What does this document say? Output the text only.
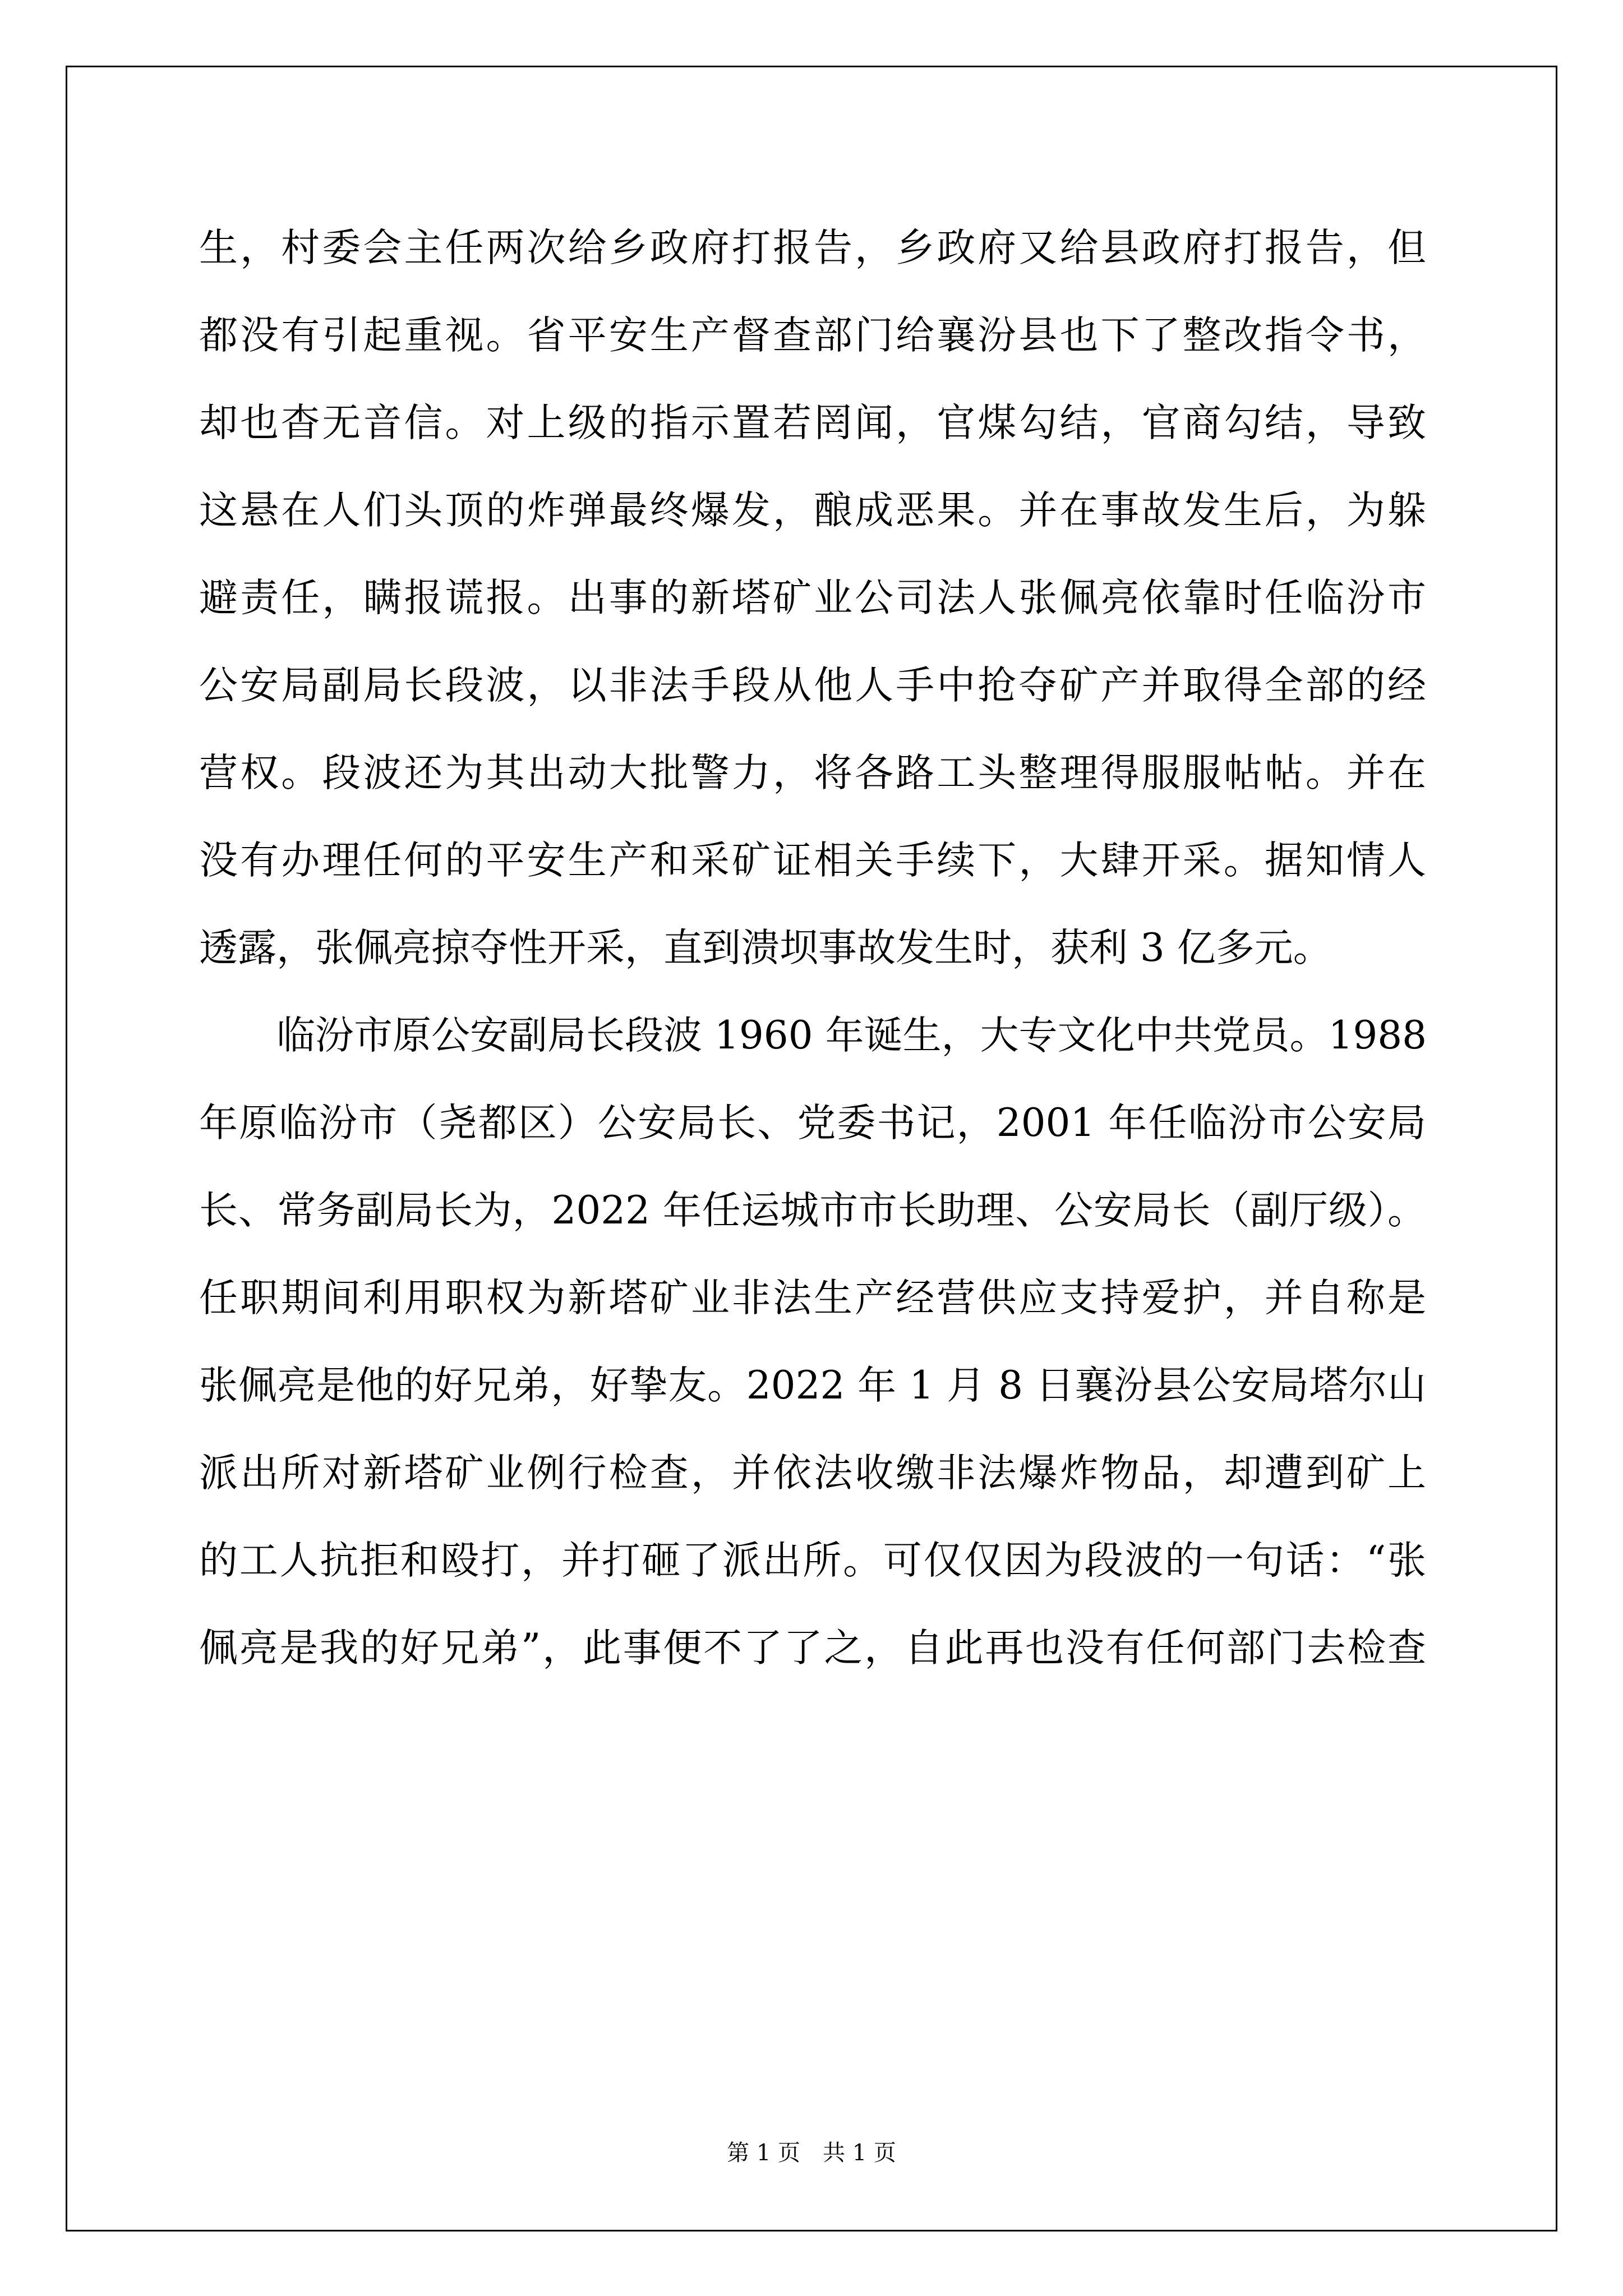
生，村委会主任两次给乡政府打报告，乡政府又给县政府打报告，但
都没有引起重视。省平安生产督查部门给襄汾县也下了整改指令书，
却也杳无音信。对上级的指示置若罔闻，官煤勾结，官商勾结，导致
这悬在人们头顶的炸弹最终爆发，酿成恶果。并在事故发生后，为躲
避责任，瞒报谎报。出事的新塔矿业公司法人张佩亮依靠时任临汾市
公安局副局长段波，以非法手段从他人手中抢夺矿产并取得全部的经
营权。段波还为其出动大批警力，将各路工头整理得服服帖帖。并在
没有办理任何的平安生产和采矿证相关手续下，大肆开采。据知情人
透露，张佩亮掠夺性开采，直到溃坝事故发生时，获利 3 亿多元。
临汾市原公安副局长段波 1960 年诞生，大专文化中共党员。1988
年原临汾市（尧都区）公安局长、党委书记，2001 年任临汾市公安局
长、常务副局长为，2022 年任运城市市长助理、公安局长（副厅级）。
任职期间利用职权为新塔矿业非法生产经营供应支持爱护，并自称是
张佩亮是他的好兄弟，好挚友。2022 年 1 月 8 日襄汾县公安局塔尔山
派出所对新塔矿业例行检查，并依法收缴非法爆炸物品，却遭到矿上
的工人抗拒和殴打，并打砸了派出所。可仅仅因为段波的一句话：“张
佩亮是我的好兄弟”，此事便不了了之，自此再也没有任何部门去检查
第 1 页 共 1 页
